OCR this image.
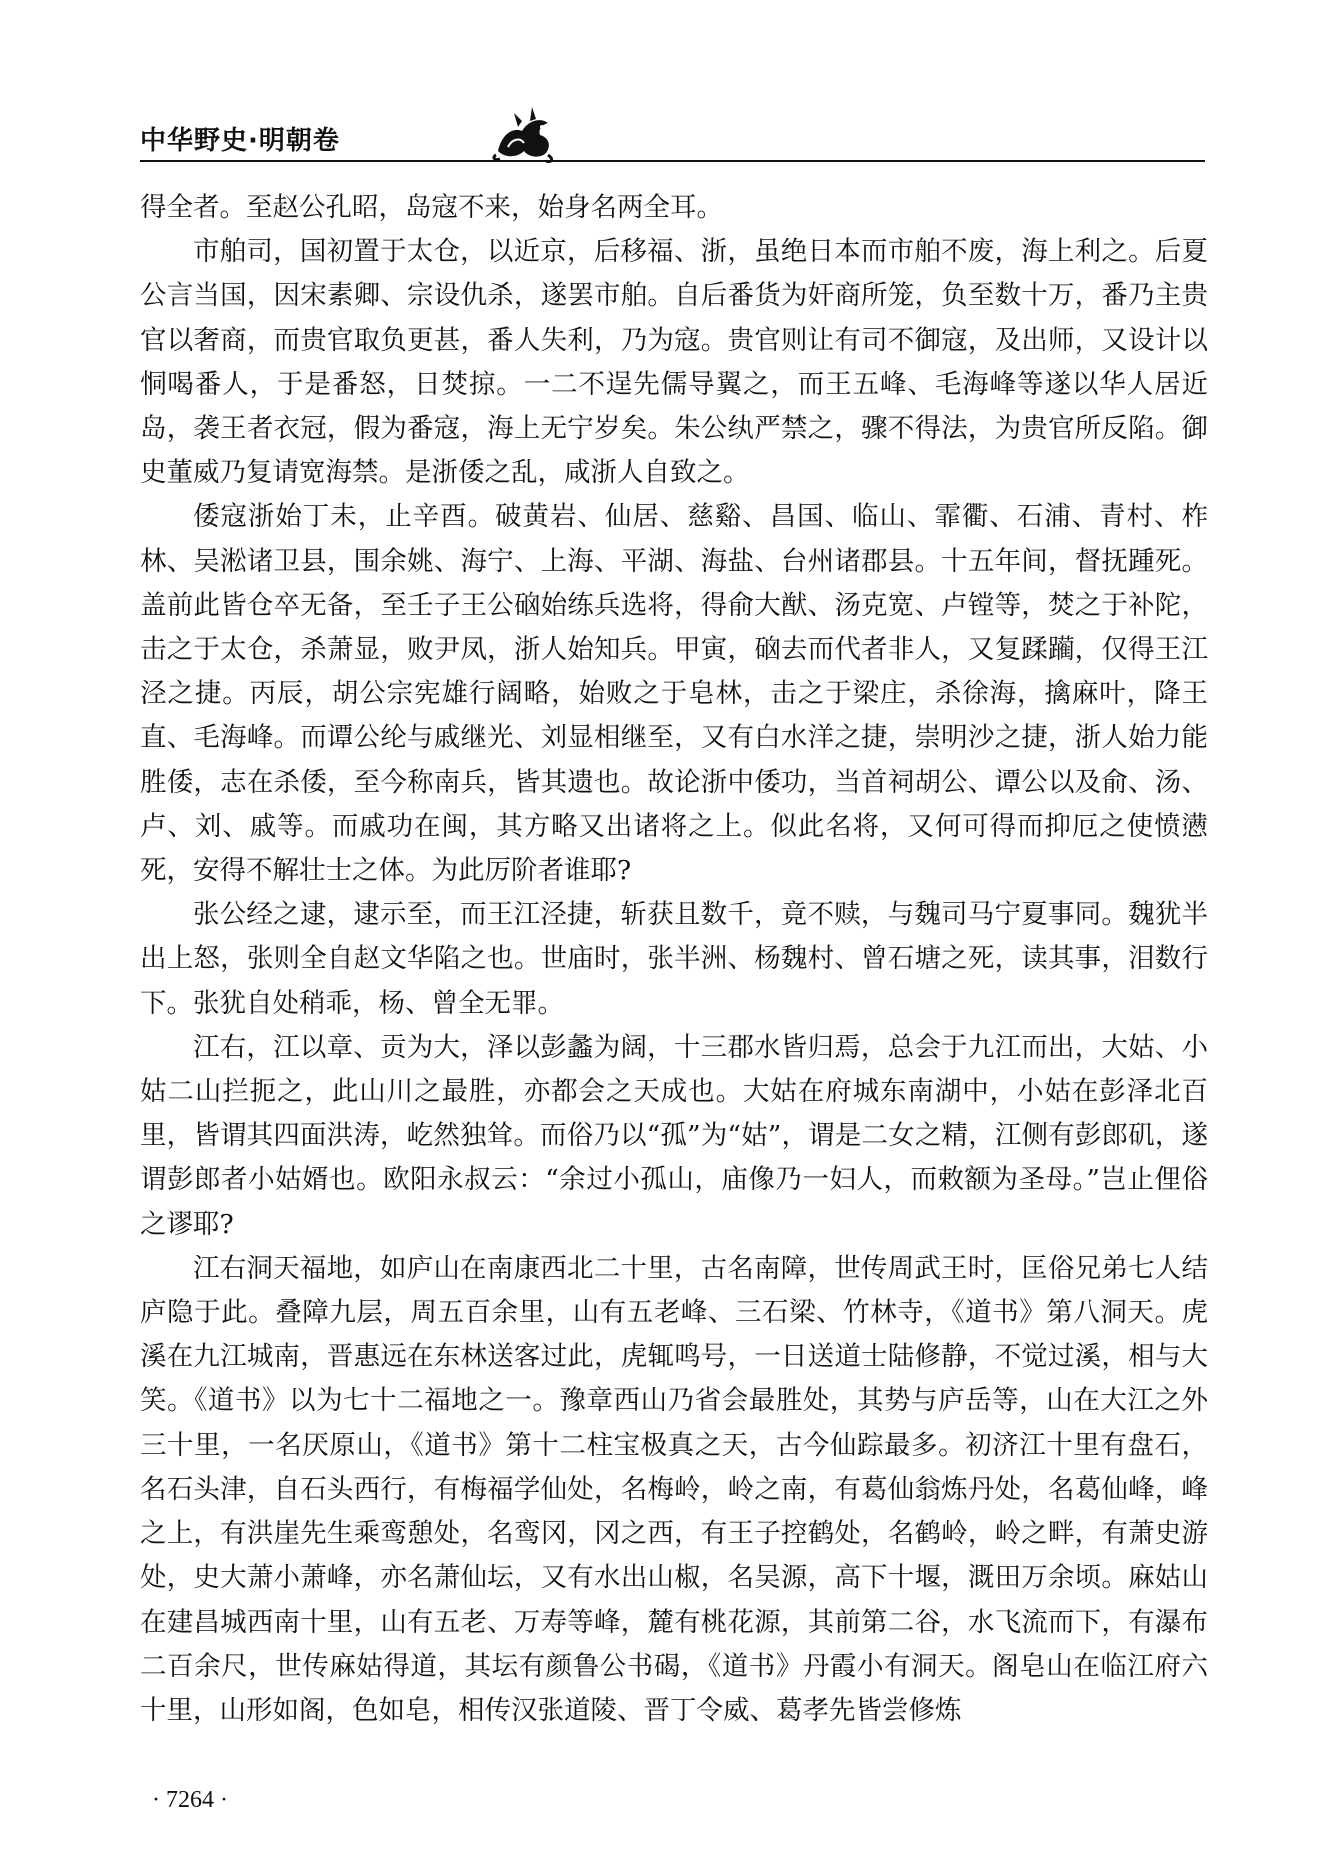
中华野史·明朝卷

得全者。至赵公孔昭，岛寇不来，始身名两全耳。

市舶司，国初置于太仓，以近京，后移福、浙，虽绝日本而市舶不废，海上利之。后夏公言当国，因宋素卿、宗设仇杀，遂罢市舶。自后番货为奸商所笼，负至数十万，番乃主贵官以奢商，而贵官取负更甚，番人失利，乃为寇。贵官则让有司不御寇，及出师，又设计以恫喝番人，于是番怒，日焚掠。一二不逞先儒导翼之，而王五峰、毛海峰等遂以华人居近岛，袭王者衣冠，假为番寇，海上无宁岁矣。朱公纨严禁之，骤不得法，为贵官所反陷。御史董威乃复请宽海禁。是浙倭之乱，咸浙人自致之。

倭寇浙始丁未，止辛酉。破黄岩、仙居、慈谿、昌国、临山、霏衢、石浦、青村、柞林、吴淞诸卫县，围余姚、海宁、上海、平湖、海盐、台州诸郡县。十五年间，督抚踵死。盖前此皆仓卒无备，至壬子王公硇始练兵选将，得俞大猷、汤克宽、卢镗等，焚之于补陀，击之于太仓，杀萧显，败尹凤，浙人始知兵。甲寅，硇去而代者非人，又复蹂躏，仅得王江泾之捷。丙辰，胡公宗宪雄行阔略，始败之于皂林，击之于梁庄，杀徐海，擒麻叶，降王直、毛海峰。而谭公纶与戚继光、刘显相继至，又有白水洋之捷，崇明沙之捷，浙人始力能胜倭，志在杀倭，至今称南兵，皆其遗也。故论浙中倭功，当首祠胡公、谭公以及俞、汤、卢、刘、戚等。而戚功在闽，其方略又出诸将之上。似此名将，又何可得而抑厄之使愤懑死，安得不解壮士之体。为此厉阶者谁耶?

张公经之逮，逮示至，而王江泾捷，斩获且数千，竟不赎，与魏司马宁夏事同。魏犹半出上怒，张则全自赵文华陷之也。世庙时，张半洲、杨魏村、曾石塘之死，读其事，泪数行下。张犹自处稍乖，杨、曾全无罪。

江右，江以章、贡为大，泽以彭蠡为阔，十三郡水皆归焉，总会于九江而出，大姑、小姑二山拦扼之，此山川之最胜，亦都会之天成也。大姑在府城东南湖中，小姑在彭泽北百里，皆谓其四面洪涛，屹然独耸。而俗乃以“孤”为“姑”，谓是二女之精，江侧有彭郎矶，遂谓彭郎者小姑婿也。欧阳永叔云：“余过小孤山，庙像乃一妇人，而敕额为圣母。”岂止俚俗之谬耶?

江右洞天福地，如庐山在南康西北二十里，古名南障，世传周武王时，匡俗兄弟七人结庐隐于此。叠障九层，周五百余里，山有五老峰、三石梁、竹林寺，《道书》第八洞天。虎溪在九江城南，晋惠远在东林送客过此，虎辄鸣号，一日送道士陆修静，不觉过溪，相与大笑。《道书》以为七十二福地之一。豫章西山乃省会最胜处，其势与庐岳等，山在大江之外三十里，一名厌原山，《道书》第十二柱宝极真之天，古今仙踪最多。初济江十里有盘石，名石头津，自石头西行，有梅福学仙处，名梅岭，岭之南，有葛仙翁炼丹处，名葛仙峰，峰之上，有洪崖先生乘鸾憩处，名鸾冈，冈之西，有王子控鹤处，名鹤岭，岭之畔，有萧史游处，史大萧小萧峰，亦名萧仙坛，又有水出山椒，名吴源，高下十堰，溉田万余顷。麻姑山在建昌城西南十里，山有五老、万寿等峰，麓有桃花源，其前第二谷，水飞流而下，有瀑布二百余尺，世传麻姑得道，其坛有颜鲁公书碣，《道书》丹霞小有洞天。阁皂山在临江府六十里，山形如阁，色如皂，相传汉张道陵、晋丁令威、葛孝先皆尝修炼

· 7264 ·
